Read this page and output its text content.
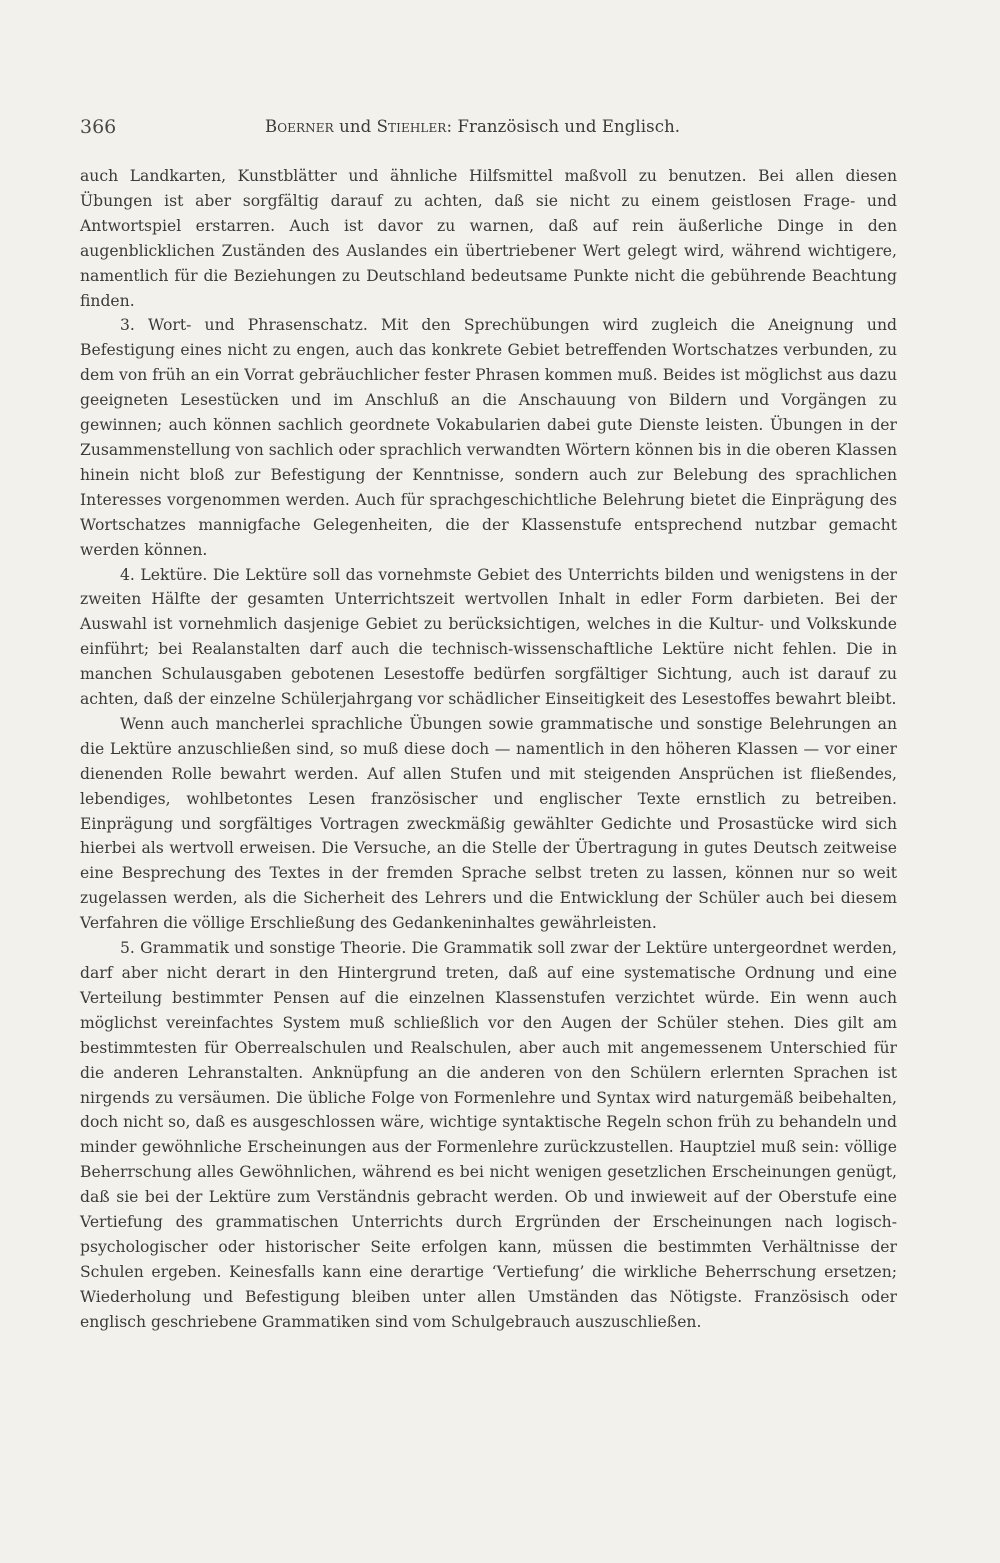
366	Boerner und Stiehler: Französisch und Englisch.

auch Landkarten, Kunstblätter und ähnliche Hilfsmittel maßvoll zu benutzen. Bei allen diesen Übungen ist aber sorgfältig darauf zu achten, daß sie nicht zu einem geistlosen Frage- und Antwortspiel erstarren. Auch ist davor zu warnen, daß auf rein äußerliche Dinge in den augenblicklichen Zuständen des Auslandes ein übertriebener Wert gelegt wird, während wichtigere, namentlich für die Beziehungen zu Deutschland bedeutsame Punkte nicht die gebührende Beachtung finden.

3. Wort- und Phrasenschatz. Mit den Sprechübungen wird zugleich die Aneignung und Befestigung eines nicht zu engen, auch das konkrete Gebiet betreffenden Wortschatzes verbunden, zu dem von früh an ein Vorrat gebräuchlicher fester Phrasen kommen muß. Beides ist möglichst aus dazu geeigneten Lesestücken und im Anschluß an die Anschauung von Bildern und Vorgängen zu gewinnen; auch können sachlich geordnete Vokabularien dabei gute Dienste leisten. Übungen in der Zusammenstellung von sachlich oder sprachlich verwandten Wörtern können bis in die oberen Klassen hinein nicht bloß zur Befestigung der Kenntnisse, sondern auch zur Belebung des sprachlichen Interesses vorgenommen werden. Auch für sprachgeschichtliche Belehrung bietet die Einprägung des Wortschatzes mannigfache Gelegenheiten, die der Klassenstufe entsprechend nutzbar gemacht werden können.

4. Lektüre. Die Lektüre soll das vornehmste Gebiet des Unterrichts bilden und wenigstens in der zweiten Hälfte der gesamten Unterrichtszeit wertvollen Inhalt in edler Form darbieten. Bei der Auswahl ist vornehmlich dasjenige Gebiet zu berücksichtigen, welches in die Kultur- und Volkskunde einführt; bei Realanstalten darf auch die technisch-wissenschaftliche Lektüre nicht fehlen. Die in manchen Schulausgaben gebotenen Lesestoffe bedürfen sorgfältiger Sichtung, auch ist darauf zu achten, daß der einzelne Schülerjahrgang vor schädlicher Einseitigkeit des Lesestoffes bewahrt bleibt.

Wenn auch mancherlei sprachliche Übungen sowie grammatische und sonstige Belehrungen an die Lektüre anzuschließen sind, so muß diese doch — namentlich in den höheren Klassen — vor einer dienenden Rolle bewahrt werden. Auf allen Stufen und mit steigenden Ansprüchen ist fließendes, lebendiges, wohlbetontes Lesen französischer und englischer Texte ernstlich zu betreiben. Einprägung und sorgfältiges Vortragen zweckmäßig gewählter Gedichte und Prosastücke wird sich hierbei als wertvoll erweisen. Die Versuche, an die Stelle der Übertragung in gutes Deutsch zeitweise eine Besprechung des Textes in der fremden Sprache selbst treten zu lassen, können nur so weit zugelassen werden, als die Sicherheit des Lehrers und die Entwicklung der Schüler auch bei diesem Verfahren die völlige Erschließung des Gedankeninhaltes gewährleisten.

5. Grammatik und sonstige Theorie. Die Grammatik soll zwar der Lektüre untergeordnet werden, darf aber nicht derart in den Hintergrund treten, daß auf eine systematische Ordnung und eine Verteilung bestimmter Pensen auf die einzelnen Klassenstufen verzichtet würde. Ein wenn auch möglichst vereinfachtes System muß schließlich vor den Augen der Schüler stehen. Dies gilt am bestimmtesten für Oberrealschulen und Realschulen, aber auch mit angemessenem Unterschied für die anderen Lehranstalten. Anknüpfung an die anderen von den Schülern erlernten Sprachen ist nirgends zu versäumen. Die übliche Folge von Formenlehre und Syntax wird naturgemäß beibehalten, doch nicht so, daß es ausgeschlossen wäre, wichtige syntaktische Regeln schon früh zu behandeln und minder gewöhnliche Erscheinungen aus der Formenlehre zurückzustellen. Hauptziel muß sein: völlige Beherrschung alles Gewöhnlichen, während es bei nicht wenigen gesetzlichen Erscheinungen genügt, daß sie bei der Lektüre zum Verständnis gebracht werden. Ob und inwieweit auf der Oberstufe eine Vertiefung des grammatischen Unterrichts durch Ergründen der Erscheinungen nach logisch-psychologischer oder historischer Seite erfolgen kann, müssen die bestimmten Verhältnisse der Schulen ergeben. Keinesfalls kann eine derartige ‘Vertiefung’ die wirkliche Beherrschung ersetzen; Wiederholung und Befestigung bleiben unter allen Umständen das Nötigste. Französisch oder englisch geschriebene Grammatiken sind vom Schulgebrauch auszuschließen.
